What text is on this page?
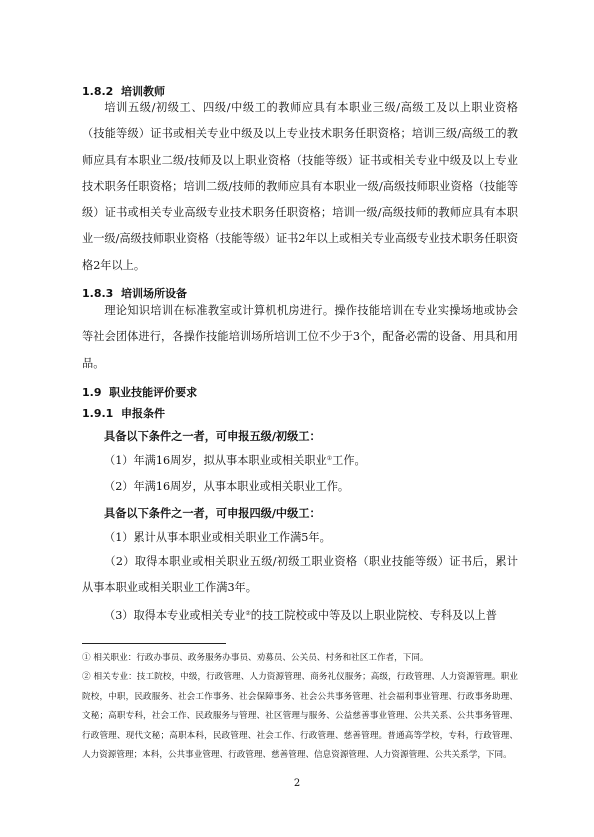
1.8.2 培训教师
培训五级/初级工、四级/中级工的教师应具有本职业三级/高级工及以上职业资格（技能等级）证书或相关专业中级及以上专业技术职务任职资格；培训三级/高级工的教师应具有本职业二级/技师及以上职业资格（技能等级）证书或相关专业中级及以上专业技术职务任职资格；培训二级/技师的教师应具有本职业一级/高级技师职业资格（技能等级）证书或相关专业高级专业技术职务任职资格；培训一级/高级技师的教师应具有本职业一级/高级技师职业资格（技能等级）证书2年以上或相关专业高级专业技术职务任职资格2年以上。
1.8.3 培训场所设备
理论知识培训在标准教室或计算机机房进行。操作技能培训在专业实操场地或协会等社会团体进行，各操作技能培训场所培训工位不少于3个，配备必需的设备、用具和用品。
1.9 职业技能评价要求
1.9.1 申报条件
具备以下条件之一者，可申报五级/初级工：
（1）年满16周岁，拟从事本职业或相关职业①工作。
（2）年满16周岁，从事本职业或相关职业工作。
具备以下条件之一者，可申报四级/中级工：
（1）累计从事本职业或相关职业工作满5年。
（2）取得本职业或相关职业五级/初级工职业资格（职业技能等级）证书后，累计从事本职业或相关职业工作满3年。
（3）取得本专业或相关专业②的技工院校或中等及以上职业院校、专科及以上普
① 相关职业：行政办事员、政务服务办事员、劝募员、公关员、村务和社区工作者，下同。
② 相关专业：技工院校，中级，行政管理、人力资源管理、商务礼仪服务；高级，行政管理、人力资源管理。职业院校，中职，民政服务、社会工作事务、社会保障事务、社会公共事务管理、社会福利事业管理、行政事务助理、文秘；高职专科，社会工作、民政服务与管理、社区管理与服务、公益慈善事业管理、公共关系、公共事务管理、行政管理、现代文秘；高职本科，民政管理、社会工作、行政管理、慈善管理。普通高等学校，专科，行政管理、人力资源管理；本科，公共事业管理、行政管理、慈善管理、信息资源管理、人力资源管理、公共关系学，下同。
2
